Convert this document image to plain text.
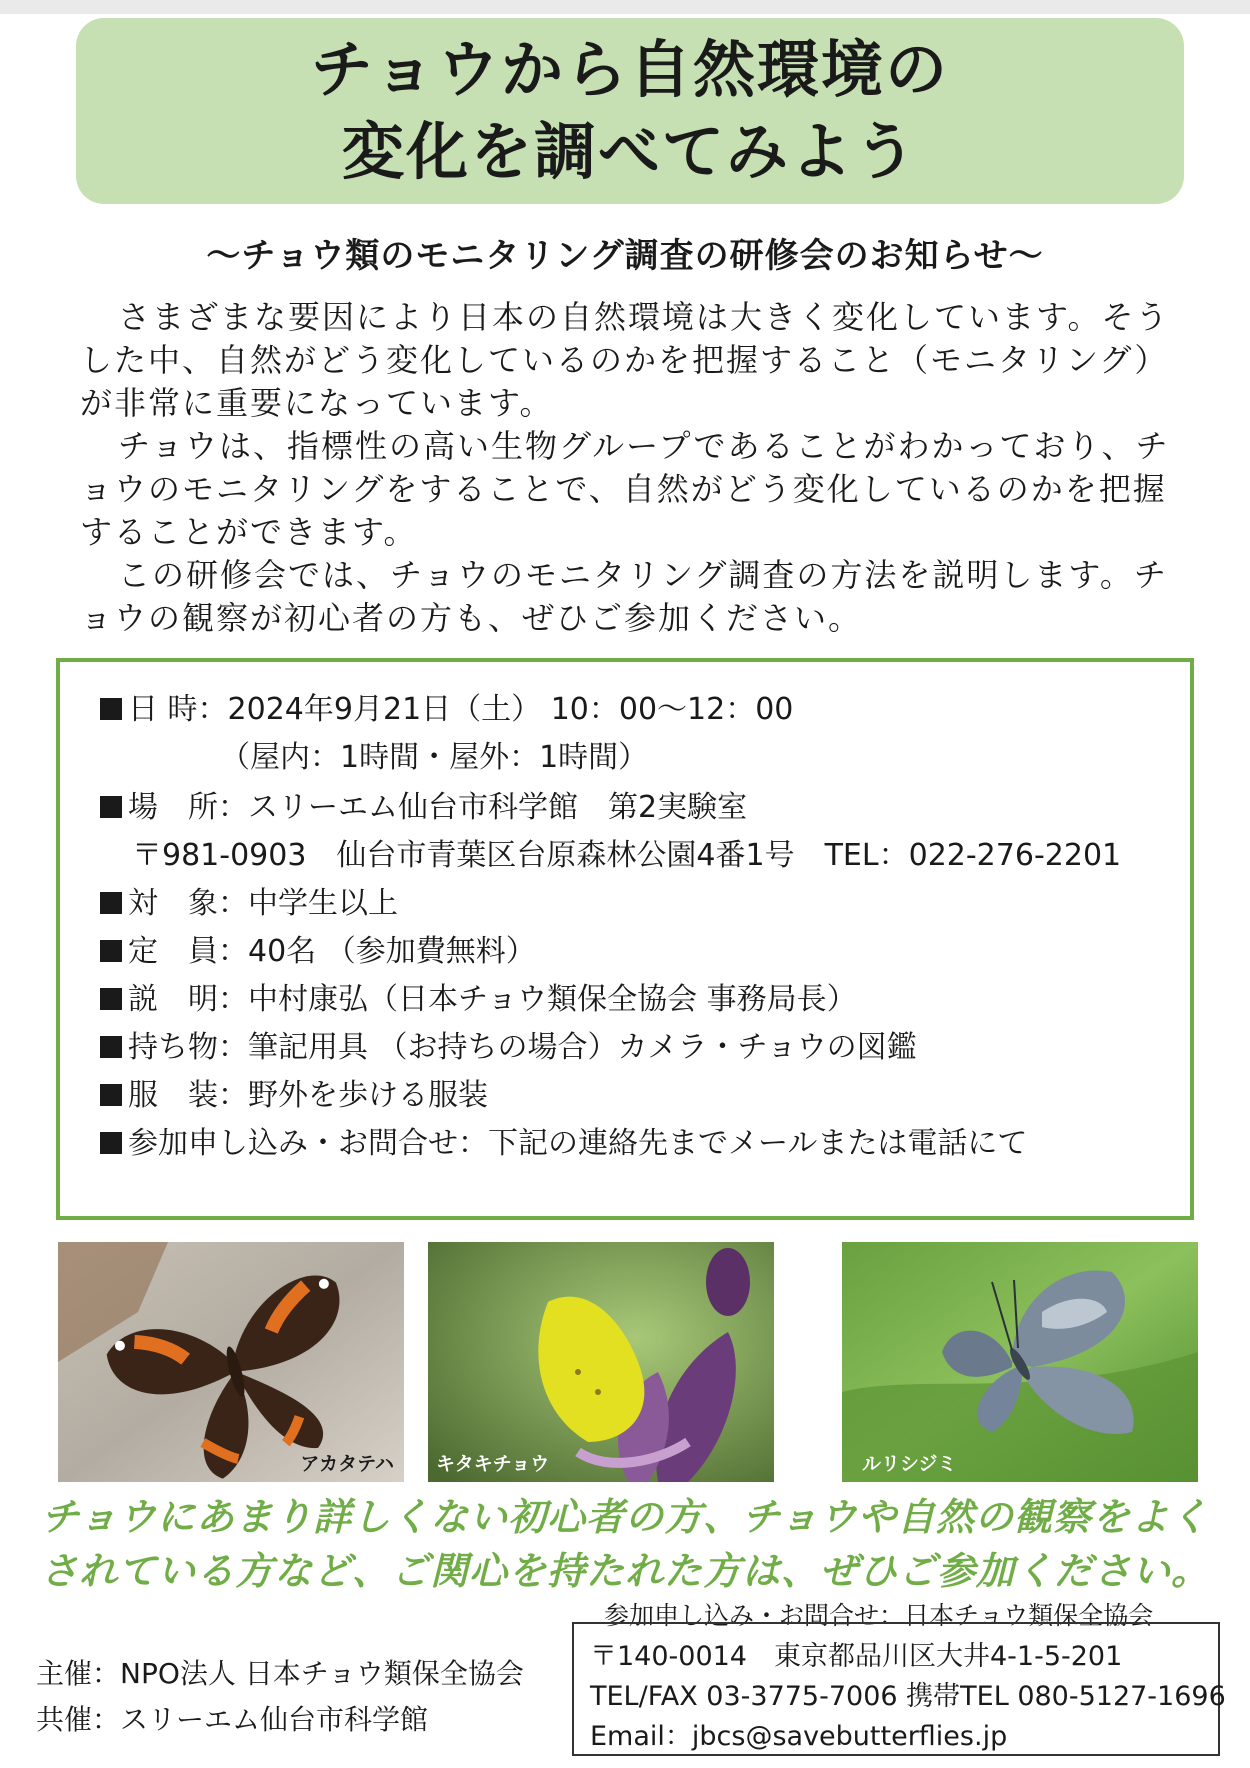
チョウから自然環境の
変化を調べてみよう
～チョウ類のモニタリング調査の研修会のお知らせ～

さまざまな要因により日本の自然環境は大きく変化しています。そうした中、自然がどう変化しているのかを把握すること（モニタリング）が非常に重要になっています。

チョウは、指標性の高い生物グループであることがわかっており、チョウのモニタリングをすることで、自然がどう変化しているのかを把握することができます。

この研修会では、チョウのモニタリング調査の方法を説明します。チョウの観察が初心者の方も、ぜひご参加ください。

日 時：2024年9月21日（土） 10：00～12：00
（屋内：1時間・屋外：1時間）
場　所：スリーエム仙台市科学館　第2実験室
〒981-0903　仙台市青葉区台原森林公園4番1号　TEL：022-276-2201
対　象：中学生以上
定　員：40名 （参加費無料）
説　明：中村康弘（日本チョウ類保全協会 事務局長）
持ち物：筆記用具 （お持ちの場合）カメラ・チョウの図鑑
服　装：野外を歩ける服装
参加申し込み・お問合せ：下記の連絡先までメールまたは電話にて
アカタテハ キタキチョウ	ルリシジミ
チョウにあまり詳しくない初心者の方、チョウや自然の観察をよく
されている方など、ご関心を持たれた方は、ぜひご参加ください。
主催：NPO法人 日本チョウ類保全協会
共催：スリーエム仙台市科学館
参加申し込み・お問合せ：日本チョウ類保全協会
〒140-0014　東京都品川区大井4-1-5-201
TEL/FAX 03-3775-7006 携帯TEL 080-5127-1696
Email：jbcs@savebutterflies.jp
